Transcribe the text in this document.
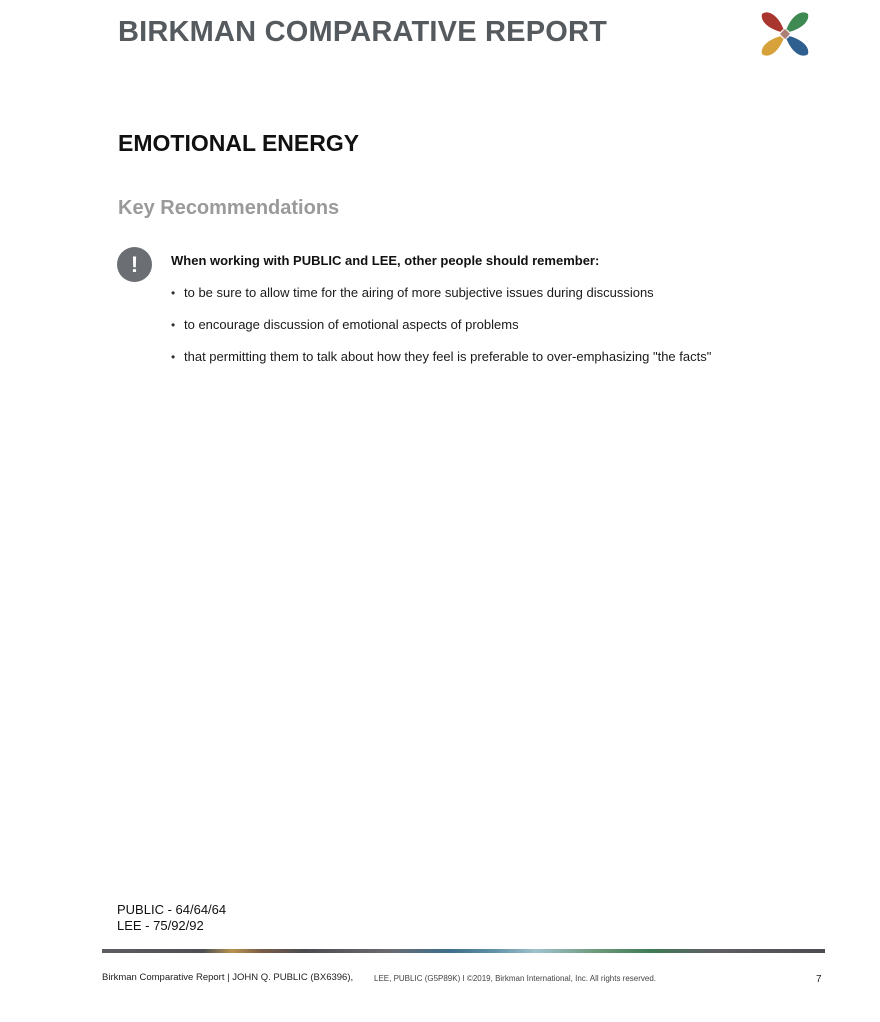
BIRKMAN COMPARATIVE REPORT
EMOTIONAL ENERGY
Key Recommendations
!	When working with PUBLIC and LEE, other people should remember:
• to be sure to allow time for the airing of more subjective issues during discussions
• to encourage discussion of emotional aspects of problems
• that permitting them to talk about how they feel is preferable to over-emphasizing "the facts"
PUBLIC - 64/64/64
LEE - 75/92/92
Birkman Comparative Report | JOHN Q. PUBLIC (BX6396),	LEE, PUBLIC (G5P89K) I ©2019, Birkman International, Inc. All rights reserved.	7
